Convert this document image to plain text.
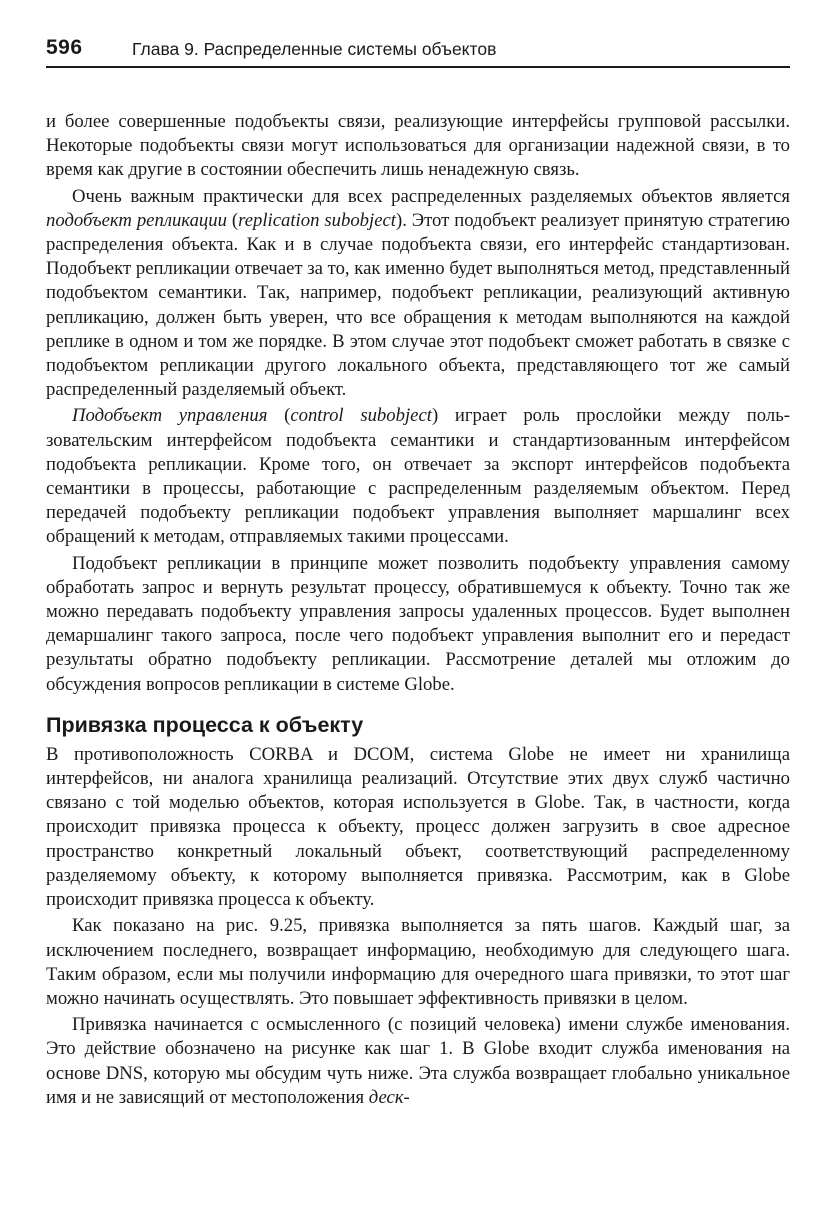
596	Глава 9. Распределенные системы объектов

и более совершенные подобъекты связи, реализующие интерфейсы групповой рассылки. Некоторые подобъекты связи могут использоваться для организации надежной связи, в то время как другие в состоянии обеспечить лишь ненадежную связь.

Очень важным практически для всех распределенных разделяемых объектов является подобъект репликации (replication subobject). Этот подобъект реализует принятую стратегию распределения объекта. Как и в случае подобъекта связи, его интерфейс стандартизован. Подобъект репликации отвечает за то, как именно будет выполняться метод, представленный подобъектом семантики. Так, например, подобъект репликации, реализующий активную репликацию, должен быть уверен, что все обращения к методам выполняются на каждой реплике в одном и том же порядке. В этом случае этот подобъект сможет работать в связке с подобъектом репликации другого локального объекта, представляющего тот же самый распределенный разделяемый объект.

Подобъект управления (control subobject) играет роль прослойки между пользовательским интерфейсом подобъекта семантики и стандартизованным интерфейсом подобъекта репликации. Кроме того, он отвечает за экспорт интерфейсов подобъекта семантики в процессы, работающие с распределенным разделяемым объектом. Перед передачей подобъекту репликации подобъект управления выполняет маршалинг всех обращений к методам, отправляемых такими процессами.

Подобъект репликации в принципе может позволить подобъекту управления самому обработать запрос и вернуть результат процессу, обратившемуся к объекту. Точно так же можно передавать подобъекту управления запросы удаленных процессов. Будет выполнен демаршалинг такого запроса, после чего подобъект управления выполнит его и передаст результаты обратно подобъекту репликации. Рассмотрение деталей мы отложим до обсуждения вопросов репликации в системе Globe.

Привязка процесса к объекту

В противоположность CORBA и DCOM, система Globe не имеет ни хранилища интерфейсов, ни аналога хранилища реализаций. Отсутствие этих двух служб частично связано с той моделью объектов, которая используется в Globe. Так, в частности, когда происходит привязка процесса к объекту, процесс должен загрузить в свое адресное пространство конкретный локальный объект, соответствующий распределенному разделяемому объекту, к которому выполняется привязка. Рассмотрим, как в Globe происходит привязка процесса к объекту.

Как показано на рис. 9.25, привязка выполняется за пять шагов. Каждый шаг, за исключением последнего, возвращает информацию, необходимую для следующего шага. Таким образом, если мы получили информацию для очередного шага привязки, то этот шаг можно начинать осуществлять. Это повышает эффективность привязки в целом.

Привязка начинается с осмысленного (с позиций человека) имени службе именования. Это действие обозначено на рисунке как шаг 1. В Globe входит служба именования на основе DNS, которую мы обсудим чуть ниже. Эта служба возвращает глобально уникальное имя и не зависящий от местоположения деск-
